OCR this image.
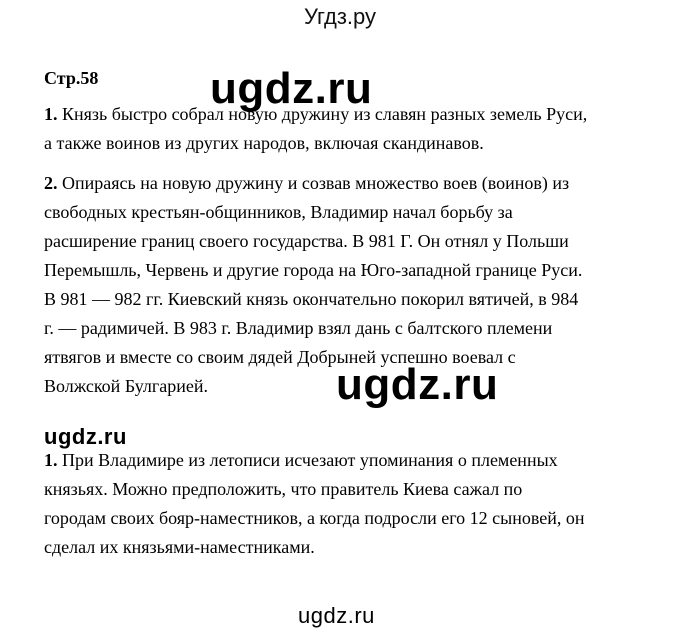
Угдз.ру
Стр.58
1. Князь быстро собрал новую дружину из славян разных земель Руси,
а также воинов из других народов, включая скандинавов.
2. Опираясь на новую дружину и созвав множество воев (воинов) из
свободных крестьян-общинников, Владимир начал борьбу за
расширение границ своего государства. В 981 Г. Он отнял у Польши
Перемышль, Червень и другие города на Юго-западной границе Руси.
В 981 — 982 гг. Киевский князь окончательно покорил вятичей, в 984
г. — радимичей. В 983 г. Владимир взял дань с балтского племени
ятвягов и вместе со своим дядей Добрыней успешно воевал с
Волжской Булгарией.
1. При Владимире из летописи исчезают упоминания о племенных
князьях. Можно предположить, что правитель Киева сажал по
городам своих бояр-наместников, а когда подросли его 12 сыновей, он
сделал их князьями-наместниками.
ugdz.ru
ugdz.ru
ugdz.ru
ugdz.ru
